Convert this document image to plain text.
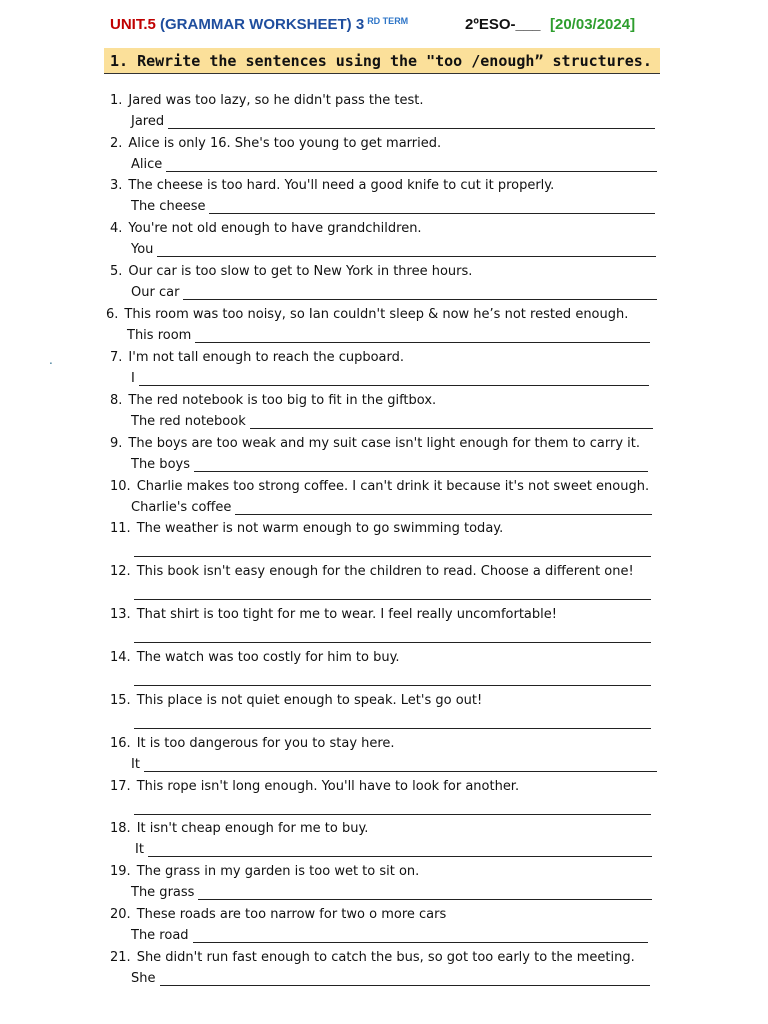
UNIT.5 (GRAMMAR WORKSHEET) 3 $^{RD TERM}$	2ºESO-___ [20/03/2024]
1. Rewrite the sentences using the "too /enough” structures.
.
1. Jared was too lazy, so he didn't pass the test.
Jared
2. Alice is only 16. She's too young to get married.
Alice
3. The cheese is too hard. You'll need a good knife to cut it properly.
The cheese
4. You're not old enough to have grandchildren.
You
5. Our car is too slow to get to New York in three hours.
Our car
6. This room was too noisy, so Ian couldn't sleep & now he’s not rested enough.
This room
7. I'm not tall enough to reach the cupboard.
I
8. The red notebook is too big to fit in the giftbox.
The red notebook
9. The boys are too weak and my suit case isn't light enough for them to carry it.
The boys
10. Charlie makes too strong coffee. I can't drink it because it's not sweet enough.
Charlie's coffee
11. The weather is not warm enough to go swimming today.
12. This book isn't easy enough for the children to read. Choose a different one!
13. That shirt is too tight for me to wear. I feel really uncomfortable!
14. The watch was too costly for him to buy.
15. This place is not quiet enough to speak. Let's go out!
16. It is too dangerous for you to stay here.
It
17. This rope isn't long enough. You'll have to look for another.
18. It isn't cheap enough for me to buy.
It
19. The grass in my garden is too wet to sit on.
The grass
20. These roads are too narrow for two o more cars
The road
21. She didn't run fast enough to catch the bus, so got too early to the meeting.
She
